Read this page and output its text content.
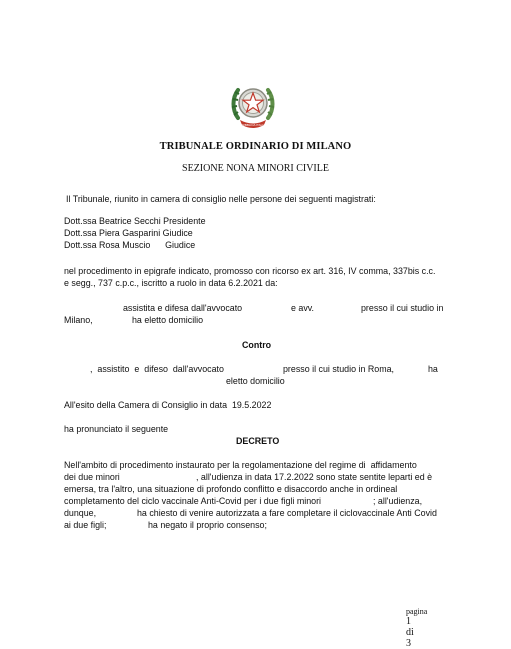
REPVBBLICA ITALIANA
TRIBUNALE ORDINARIO DI MILANO
SEZIONE NONA MINORI CIVILE
Il Tribunale, riunito in camera di consiglio nelle persone dei seguenti magistrati:
Dott.ssa Beatrice Secchi Presidente
Dott.ssa Piera Gasparini Giudice
Dott.ssa Rosa Muscio      Giudice
nel procedimento in epigrafe indicato, promosso con ricorso ex art. 316, IV comma, 337bis c.c.
e segg., 737 c.p.c., iscritto a ruolo in data 6.2.2021 da:
assistita e difesa dall'avvocato	e avv.	presso il cui studio in
Milano,	ha eletto domicilio
Contro
,  assistito  e  difeso  dall'avvocato	presso il cui studio in Roma,	ha
eletto domicilio
All'esito della Camera di Consiglio in data  19.5.2022
ha pronunciato il seguente
DECRETO
Nell'ambito di procedimento instaurato per la regolamentazione del regime di  affidamento
dei due minori	, all'udienza in data 17.2.2022 sono state sentite leparti ed è
emersa, tra l'altro, una situazione di profondo conflitto e disaccordo anche in ordineal
completamento del ciclo vaccinale Anti-Covid per i due figli minori	; all'udienza,
dunque,	ha chiesto di venire autorizzata a fare completare il ciclovaccinale Anti Covid
ai due figli;	ha negato il proprio consenso;

pagina
1
di
3
